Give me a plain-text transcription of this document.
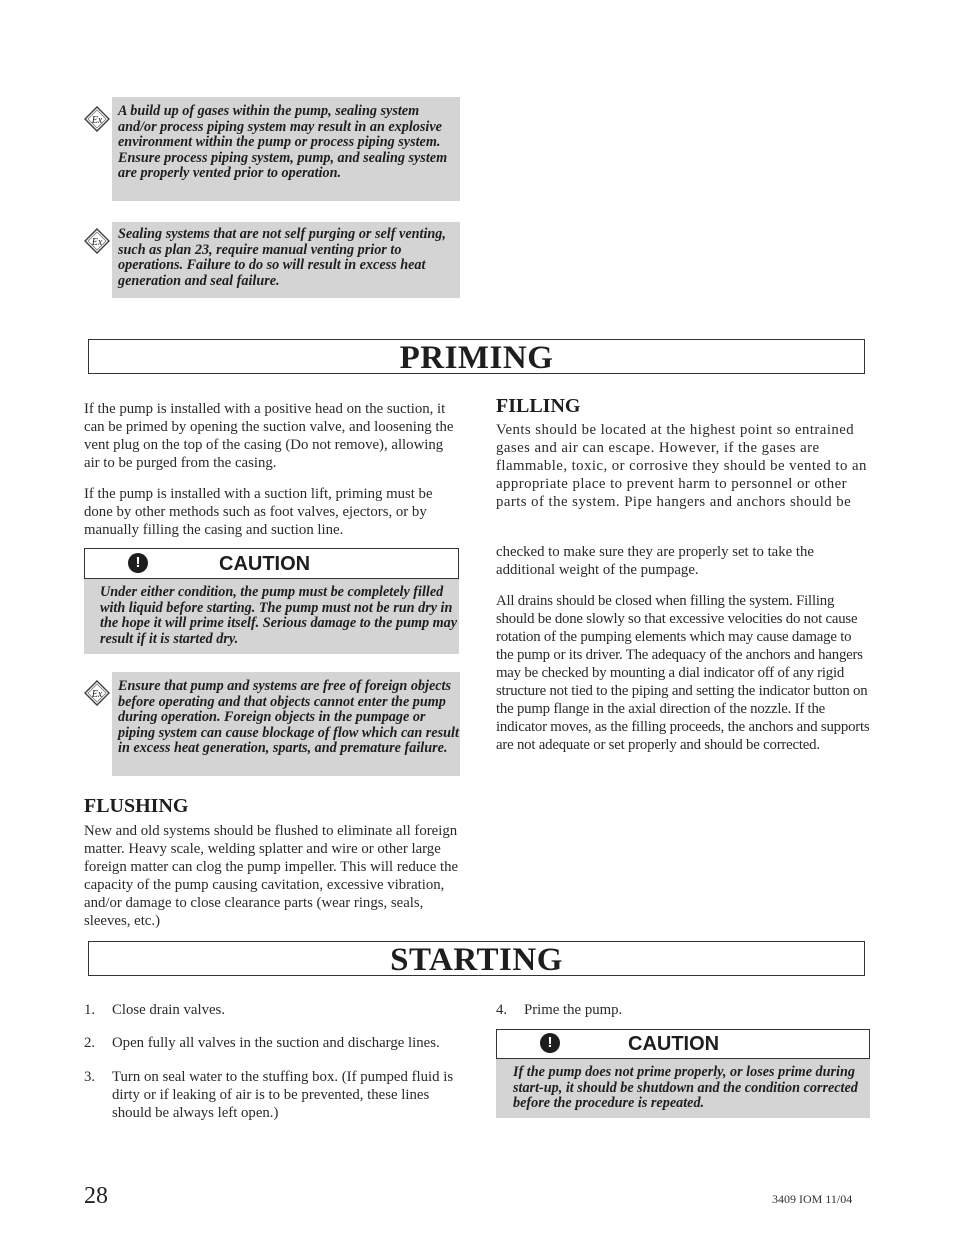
Ex
A build up of gases within the pump, sealing system and/or process piping system may result in an explosive environment within the pump or process piping system. Ensure process piping system, pump, and sealing system are properly vented prior to operation.
Ex
Sealing systems that are not self purging or self venting, such as plan 23, require manual venting prior to operations. Failure to do so will result in excess heat generation and seal failure.
PRIMING
If the pump is installed with a positive head on the suction, it can be primed by opening the suction valve, and loosening the vent plug on the top of the casing (Do not remove), allowing air to be purged from the casing.
If the pump is installed with a suction lift, priming must be done by other methods such as foot valves, ejectors, or by manually filling the casing and suction line.
!	CAUTION
Under either condition, the pump must be completely filled with liquid before starting. The pump must not be run dry in the hope it will prime itself. Serious damage to the pump may result if it is started dry.
Ex
Ensure that pump and systems are free of foreign objects before operating and that objects cannot enter the pump during operation. Foreign objects in the pumpage or piping system can cause blockage of flow which can result in excess heat generation, sparts, and premature failure.
FLUSHING
New and old systems should be flushed to eliminate all foreign matter. Heavy scale, welding splatter and wire or other large foreign matter can clog the pump impeller. This will reduce the capacity of the pump causing cavitation, excessive vibration, and/or damage to close clearance parts (wear rings, seals, sleeves, etc.)
FILLING
Vents should be located at the highest point so entrained gases and air can escape. However, if the gases are flammable, toxic, or corrosive they should be vented to an appropriate place to prevent harm to personnel or other parts of the system. Pipe hangers and anchors should be
checked to make sure they are properly set to take the additional weight of the pumpage.
All drains should be closed when filling the system. Filling should be done slowly so that excessive velocities do not cause rotation of the pumping elements which may cause damage to the pump or its driver. The adequacy of the anchors and hangers may be checked by mounting a dial indicator off of any rigid structure not tied to the piping and setting the indicator button on the pump flange in the axial direction of the nozzle. If the indicator moves, as the filling proceeds, the anchors and supports are not adequate or set properly and should be corrected.
STARTING
1. Close drain valves.
2. Open fully all valves in the suction and discharge lines.
3. Turn on seal water to the stuffing box. (If pumped fluid is dirty or if leaking of air is to be prevented, these lines should be always left open.)
4. Prime the pump.
!	CAUTION
If the pump does not prime properly, or loses prime during start-up, it should be shutdown and the condition corrected before the procedure is repeated.
28	3409 IOM 11/04
